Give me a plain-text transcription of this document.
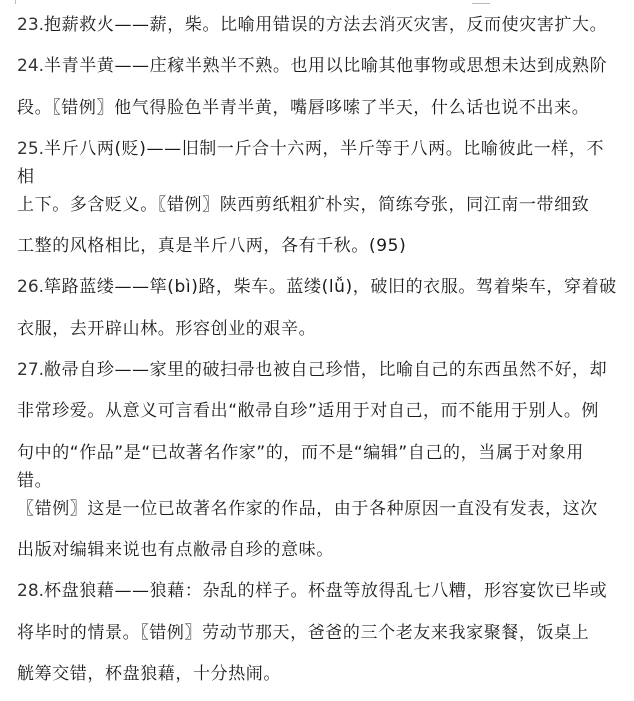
23.抱薪救火——薪，柴。比喻用错误的方法去消灭灾害，反而使灾害扩大。
24.半青半黄——庄稼半熟半不熟。也用以比喻其他事物或思想未达到成熟阶
段。〖错例〗他气得脸色半青半黄，嘴唇哆嗦了半天，什么话也说不出来。
25.半斤八两(贬)——旧制一斤合十六两，半斤等于八两。比喻彼此一样，不相
上下。多含贬义。〖错例〗陕西剪纸粗犷朴实，简练夸张，同江南一带细致
工整的风格相比，真是半斤八两，各有千秋。(95)
26.筚路蓝缕——筚(bì)路，柴车。蓝缕(lǚ)，破旧的衣服。驾着柴车，穿着破
衣服，去开辟山林。形容创业的艰辛。
27.敝帚自珍——家里的破扫帚也被自己珍惜，比喻自己的东西虽然不好，却
非常珍爱。从意义可言看出“敝帚自珍”适用于对自己，而不能用于别人。例
句中的“作品”是“已故著名作家”的，而不是“编辑”自己的，当属于对象用错。
〖错例〗这是一位已故著名作家的作品，由于各种原因一直没有发表，这次
出版对编辑来说也有点敝帚自珍的意味。
28.杯盘狼藉——狼藉：杂乱的样子。杯盘等放得乱七八糟，形容宴饮已毕或
将毕时的情景。〖错例〗劳动节那天，爸爸的三个老友来我家聚餐，饭桌上
觥筹交错，杯盘狼藉，十分热闹。
